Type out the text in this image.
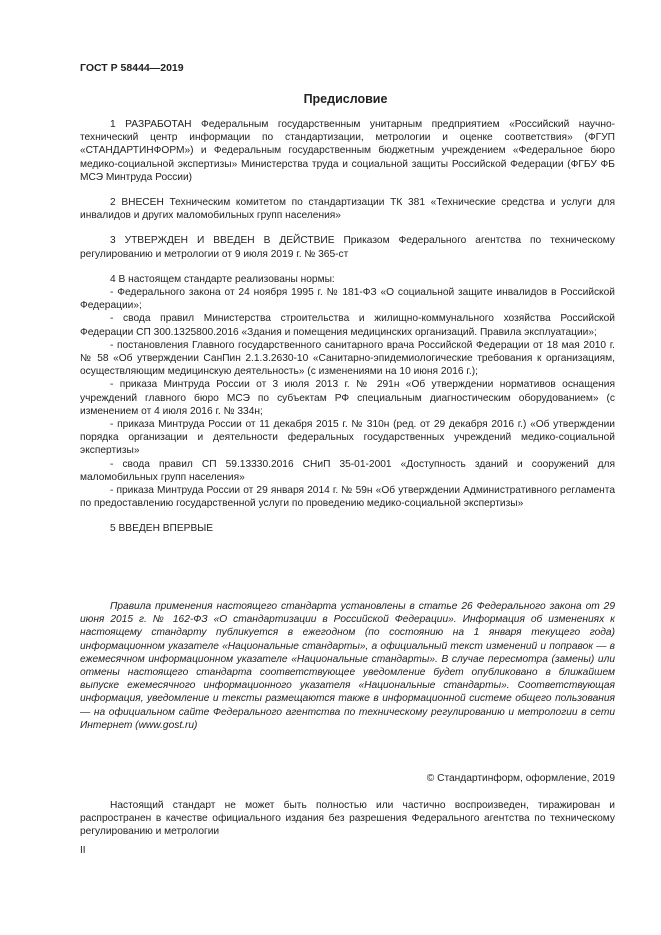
ГОСТ Р 58444—2019
Предисловие

1 РАЗРАБОТАН Федеральным государственным унитарным предприятием «Российский научно-технический центр информации по стандартизации, метрологии и оценке соответствия» (ФГУП «СТАНДАРТИНФОРМ») и Федеральным государственным бюджетным учреждением «Федеральное бюро медико-социальной экспертизы» Министерства труда и социальной защиты Российской Федерации (ФГБУ ФБ МСЭ Минтруда России)

2 ВНЕСЕН Техническим комитетом по стандартизации ТК 381 «Технические средства и услуги для инвалидов и других маломобильных групп населения»

3 УТВЕРЖДЕН И ВВЕДЕН В ДЕЙСТВИЕ Приказом Федерального агентства по техническому регулированию и метрологии от 9 июля 2019 г. № 365-ст

4 В настоящем стандарте реализованы нормы:

- Федерального закона от 24 ноября 1995 г. № 181-ФЗ «О социальной защите инвалидов в Российской Федерации»;

- свода правил Министерства строительства и жилищно-коммунального хозяйства Российской Федерации СП 300.1325800.2016 «Здания и помещения медицинских организаций. Правила эксплуатации»;

- постановления Главного государственного санитарного врача Российской Федерации от 18 мая 2010 г. № 58 «Об утверждении СанПин 2.1.3.2630-10 «Санитарно-эпидемиологические требования к организациям, осуществляющим медицинскую деятельность» (с изменениями на 10 июня 2016 г.);

- приказа Минтруда России от 3 июля 2013 г. № 291н «Об утверждении нормативов оснащения учреждений главного бюро МСЭ по субъектам РФ специальным диагностическим оборудованием» (с изменением от 4 июля 2016 г. № 334н;

- приказа Минтруда России от 11 декабря 2015 г. № 310н (ред. от 29 декабря 2016 г.) «Об утверждении порядка организации и деятельности федеральных государственных учреждений медико-социальной экспертизы»

- свода правил СП 59.13330.2016 СНиП 35-01-2001 «Доступность зданий и сооружений для маломобильных групп населения»

- приказа Минтруда России от 29 января 2014 г. № 59н «Об утверждении Административного регламента по предоставлению государственной услуги по проведению медико-социальной экспертизы»

5 ВВЕДЕН ВПЕРВЫЕ

Правила применения настоящего стандарта установлены в статье 26 Федерального закона от 29 июня 2015 г. № 162-ФЗ «О стандартизации в Российской Федерации». Информация об изменениях к настоящему стандарту публикуется в ежегодном (по состоянию на 1 января текущего года) информационном указателе «Национальные стандарты», а официальный текст изменений и поправок — в ежемесячном информационном указателе «Национальные стандарты». В случае пересмотра (замены) или отмены настоящего стандарта соответствующее уведомление будет опубликовано в ближайшем выпуске ежемесячного информационного указателя «Национальные стандарты». Соответствующая информация, уведомление и тексты размещаются также в информационной системе общего пользования — на официальном сайте Федерального агентства по техническому регулированию и метрологии в сети Интернет (www.gost.ru)
© Стандартинформ, оформление, 2019
Настоящий стандарт не может быть полностью или частично воспроизведен, тиражирован и распространен в качестве официального издания без разрешения Федерального агентства по техническому регулированию и метрологии
II
